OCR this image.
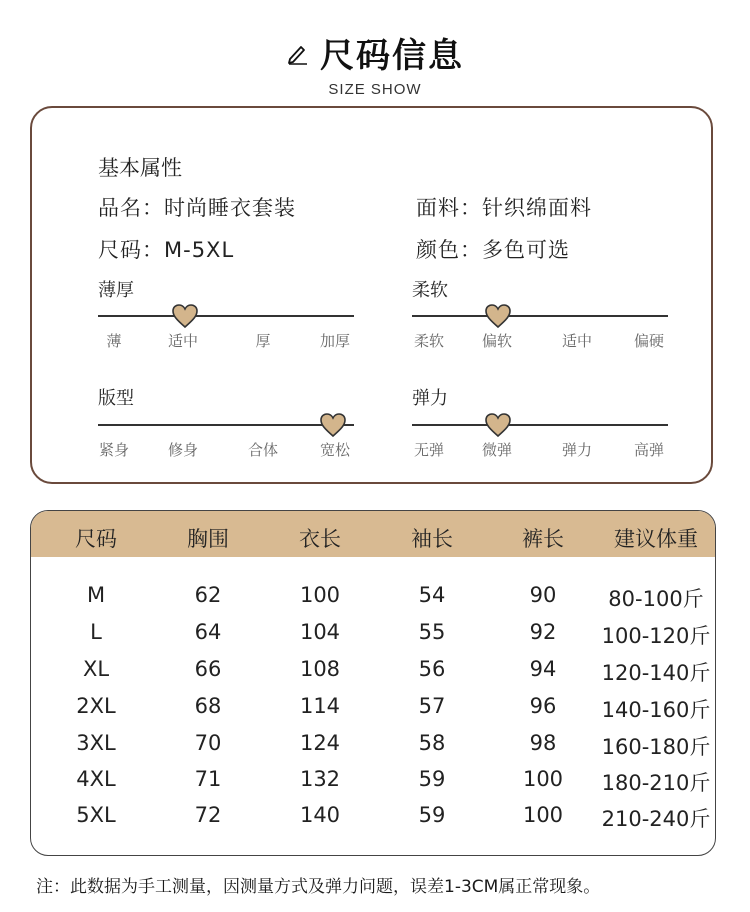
尺码信息
SIZE SHOW
基本属性
品名：时尚睡衣套装	面料：针织绵面料
尺码：M-5XL	颜色：多色可选
薄厚
薄	适中	厚	加厚
柔软
柔软	偏软	适中	偏硬
版型
紧身	修身	合体	宽松
弹力
无弹	微弹	弹力	高弹
尺码	胸围	衣长	袖长	裤长 建议体重
M	62	100	54	90 80-100斤
L	64	104	55	92 100-120斤
XL	66	108	56	94 120-140斤
2XL	68	114	57	96 140-160斤
3XL	70	124	58	98 160-180斤
4XL	71	132	59	100 180-210斤
5XL	72	140	59	100 210-240斤
注：此数据为手工测量，因测量方式及弹力问题，误差1-3CM属正常现象。
